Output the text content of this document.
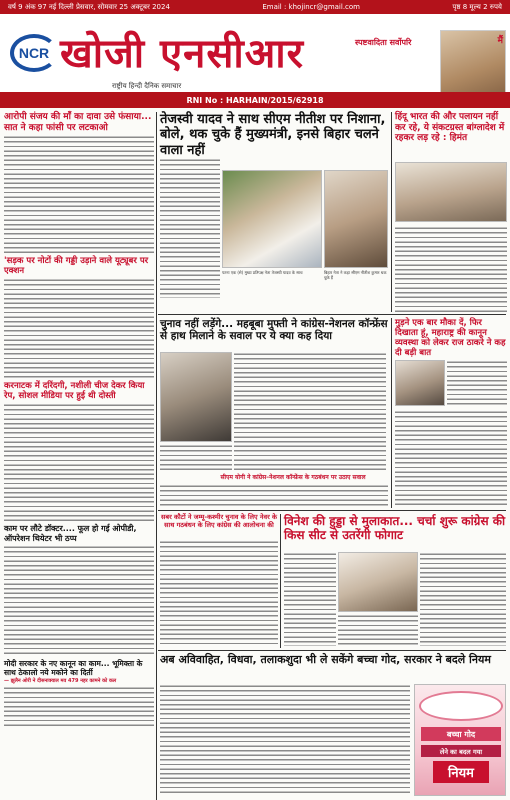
वर्ष 9 अंक 97 नई दिल्ली प्रेसवार, सोमवार 25 अक्टूबर 2024	Email : khojincr@gmail.com	पृष्ठ 8 मूल्य 2 रुपये
NCR खोजी एनसीआर
राष्ट्रीय हिन्दी दैनिक समाचार
स्पष्टवादिता सर्वोपरि	मैं
RNI No : HARHAIN/2015/62918
आरोपी संजय की माँ का दावा उसे फंसाया... सात ने कहा फांसी पर लटकाओ
'सड़क पर नोटों की गड्डी उड़ाने वाले यूट्यूबर पर एक्शन
करनाटक में दरिंदगी, नशीली चीज देकर किया रेप, सोशल मीडिया पर हुई थी दोस्ती
काम पर लौटे डॉक्टर.... फूल हो गई ओपीडी, ऑपरेशन थियेटर भी ठप्प
मोदी सरकार के नए कानून का काम... भूमिक्ता के साथ ठेकालो नये मकोने का दिर्ती
— झुलैन ओरी ने दीसनाक्याल मव 479 नहर कामने को कल
तेजस्वी यादव ने साथ सीएम नीतीश पर निशाना, बोले, थक चुके हैं मुख्यमंत्री, इनसे बिहार चलने वाला नहीं
पटना एक (से) मुख्य प्रतिपक्ष नेता तेजस्वी यादव के साथ	बिहार नेता ने कहा सीएम नीतीश कुमार थक चुके हैं
हिंदू भारत की और पलायन नहीं कर रहे, ये संकटग्रस्त बांग्लादेश में रहकर लड़ रहे : हिमंत
चुनाव नहीं लड़ेंगे... महबूबा मुफ्ती ने कांग्रेस-नेशनल कॉन्फ्रेंस से हाथ मिलाने के सवाल पर ये क्या कह दिया
सीएम योगी ने कांग्रेस–नेशनल कॉन्फ्रेंस के गठबंधन पर उठाए सवाल
मुड़ने एक बार मौका दें, फिर दिखाता हूं, महाराष्ट्र की कानून व्यवस्था को लेकर राज ठाकरे ने कह दी बड़ी बात
सबर कौटों ने जम्मू-कश्मीर चुनाव के लिए नेवर के साथ गठबंधन के लिए कांग्रेस की आलोचना की विनेश की हुड्डा से मुलाकात... चर्चा शुरू कांग्रेस की किस सीट से उतरेंगी फोगाट
अब अविवाहित, विधवा, तलाकशुदा भी ले सकेंगे बच्चा गोद, सरकार ने बदले नियम
बच्चा गोद
लेने का बदल गया
नियम
